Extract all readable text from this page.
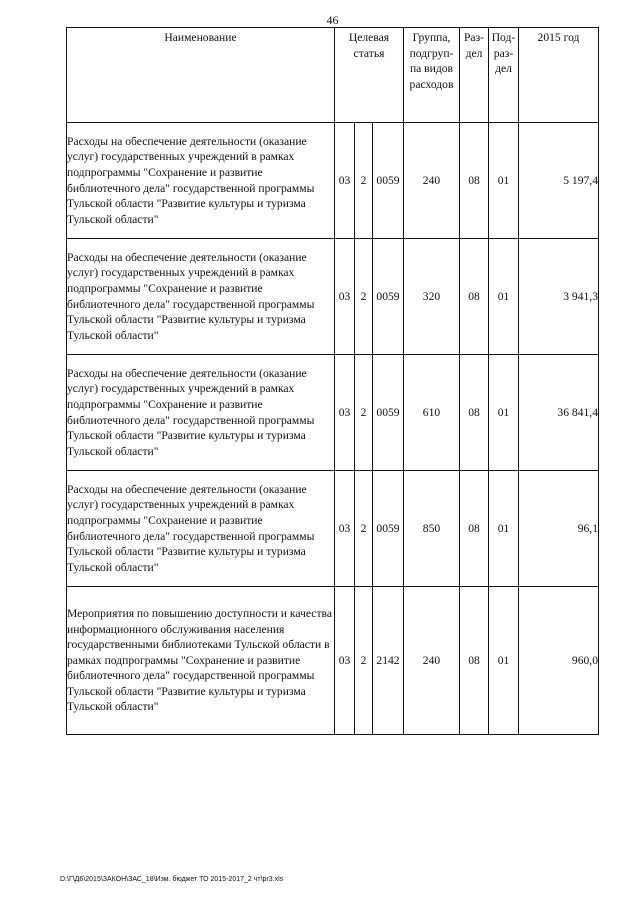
46
Наименование	Целевая статья			Группа, подгруп-па видов расходов	Раз-дел	Под-раз-дел	2015 год
Расходы на обеспечение деятельности (оказание услуг) государственных учреждений в рамках подпрограммы "Сохранение и развитие библиотечного дела" государственной программы Тульской области "Развитие культуры и туризма Тульской области"	03	2	0059	240	08	01	5 197,4
Расходы на обеспечение деятельности (оказание услуг) государственных учреждений в рамках подпрограммы "Сохранение и развитие библиотечного дела" государственной программы Тульской области "Развитие культуры и туризма Тульской области"	03	2	0059	320	08	01	3 941,3
Расходы на обеспечение деятельности (оказание услуг) государственных учреждений в рамках подпрограммы "Сохранение и развитие библиотечного дела" государственной программы Тульской области "Развитие культуры и туризма Тульской области"	03	2	0059	610	08	01	36 841,4
Расходы на обеспечение деятельности (оказание услуг) государственных учреждений в рамках подпрограммы "Сохранение и развитие библиотечного дела" государственной программы Тульской области "Развитие культуры и туризма Тульской области"	03	2	0059	850	08	01	96,1
Мероприятия по повышению доступности и качества информационного обслуживания населения государственными библиотеками Тульской области в рамках подпрограммы "Сохранение и развитие библиотечного дела" государственной программы Тульской области "Развитие культуры и туризма Тульской области"	03	2	2142	240	08	01	960,0
D:\Г\Д6\2015\ЗАКОН\ЗАС_18\Изм. бюджет ТО 2015-2017_2 чт\pr3.xls
